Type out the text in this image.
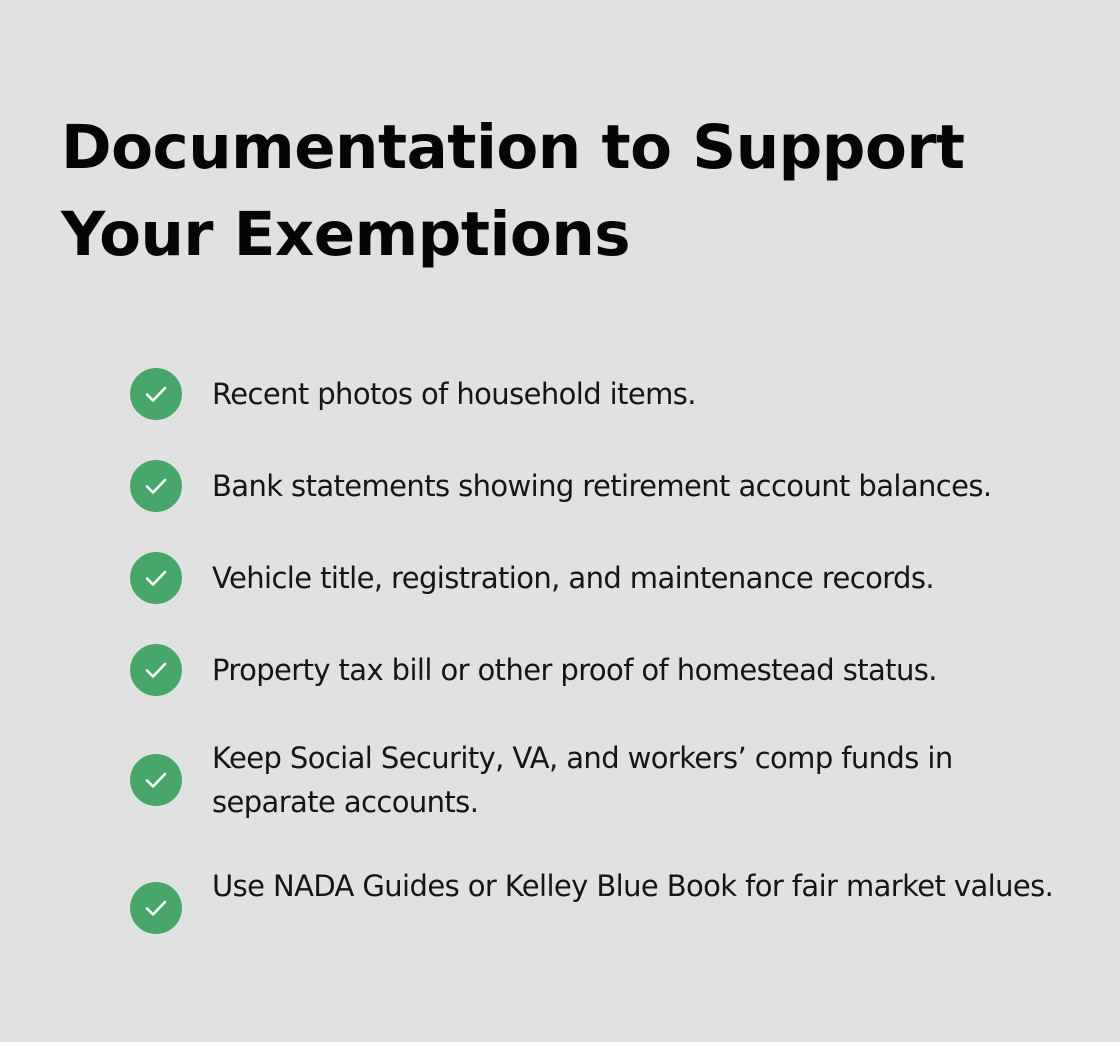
Documentation to Support Your Exemptions
Recent photos of household items.
Bank statements showing retirement account balances.
Vehicle title, registration, and maintenance records.
Property tax bill or other proof of homestead status.
Keep Social Security, VA, and workers’ comp funds in separate accounts.
Use NADA Guides or Kelley Blue Book for fair market values.
